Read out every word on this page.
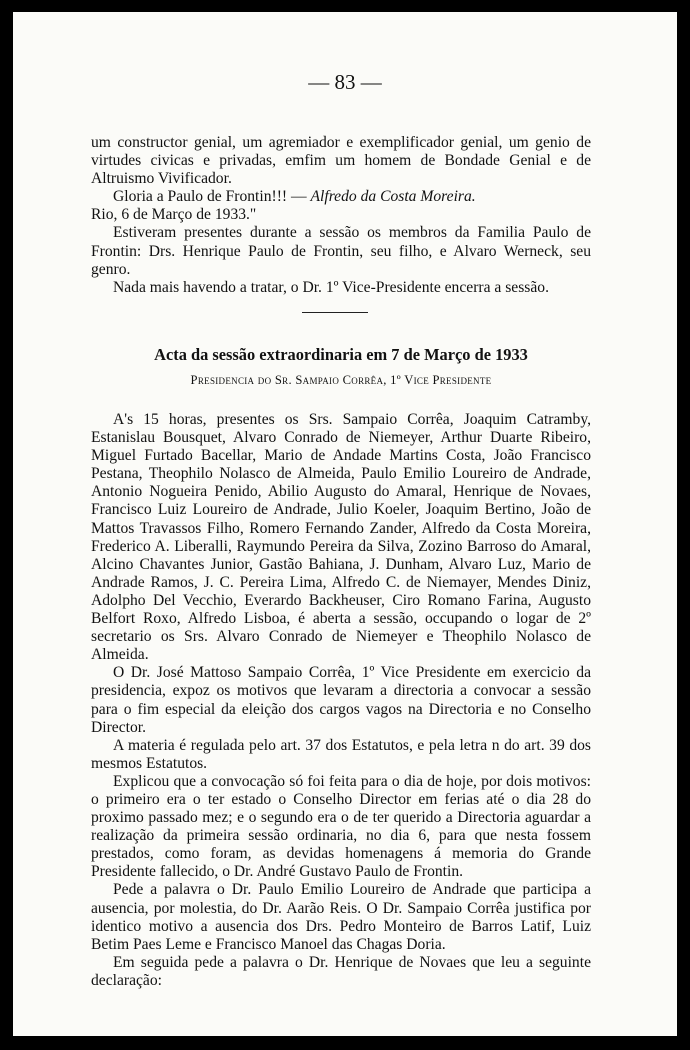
— 83 —
um constructor genial, um agremiador e exemplificador genial, um genio de virtudes civicas e privadas, emfim um homem de Bondade Genial e de Altruismo Vivificador.
Gloria a Paulo de Frontin!!! — Alfredo da Costa Moreira.
Rio, 6 de Março de 1933."
Estiveram presentes durante a sessão os membros da Familia Paulo de Frontin: Drs. Henrique Paulo de Frontin, seu filho, e Alvaro Werneck, seu genro.
Nada mais havendo a tratar, o Dr. 1º Vice-Presidente encerra a sessão.
Acta da sessão extraordinaria em 7 de Março de 1933
Presidencia do Sr. Sampaio Corrêa, 1º Vice Presidente
A's 15 horas, presentes os Srs. Sampaio Corrêa, Joaquim Catramby, Estanislau Bousquet, Alvaro Conrado de Niemeyer, Arthur Duarte Ribeiro, Miguel Furtado Bacellar, Mario de Andade Martins Costa, João Francisco Pestana, Theophilo Nolasco de Almeida, Paulo Emilio Loureiro de Andrade, Antonio Nogueira Penido, Abilio Augusto do Amaral, Henrique de Novaes, Francisco Luiz Loureiro de Andrade, Julio Koeler, Joaquim Bertino, João de Mattos Travassos Filho, Romero Fernando Zander, Alfredo da Costa Moreira, Frederico A. Liberalli, Raymundo Pereira da Silva, Zozino Barroso do Amaral, Alcino Chavantes Junior, Gastão Bahiana, J. Dunham, Alvaro Luz, Mario de Andrade Ramos, J. C. Pereira Lima, Alfredo C. de Niemayer, Mendes Diniz, Adolpho Del Vecchio, Everardo Backheuser, Ciro Romano Farina, Augusto Belfort Roxo, Alfredo Lisboa, é aberta a sessão, occupando o logar de 2º secretario os Srs. Alvaro Conrado de Niemeyer e Theophilo Nolasco de Almeida.
O Dr. José Mattoso Sampaio Corrêa, 1º Vice Presidente em exercicio da presidencia, expoz os motivos que levaram a directoria a convocar a sessão para o fim especial da eleição dos cargos vagos na Directoria e no Conselho Director.
A materia é regulada pelo art. 37 dos Estatutos, e pela letra n do art. 39 dos mesmos Estatutos.
Explicou que a convocação só foi feita para o dia de hoje, por dois motivos: o primeiro era o ter estado o Conselho Director em ferias até o dia 28 do proximo passado mez; e o segundo era o de ter querido a Directoria aguardar a realização da primeira sessão ordinaria, no dia 6, para que nesta fossem prestados, como foram, as devidas homenagens á memoria do Grande Presidente fallecido, o Dr. André Gustavo Paulo de Frontin.
Pede a palavra o Dr. Paulo Emilio Loureiro de Andrade que participa a ausencia, por molestia, do Dr. Aarão Reis. O Dr. Sampaio Corrêa justifica por identico motivo a ausencia dos Drs. Pedro Monteiro de Barros Latif, Luiz Betim Paes Leme e Francisco Manoel das Chagas Doria.
Em seguida pede a palavra o Dr. Henrique de Novaes que leu a seguinte declaração:
